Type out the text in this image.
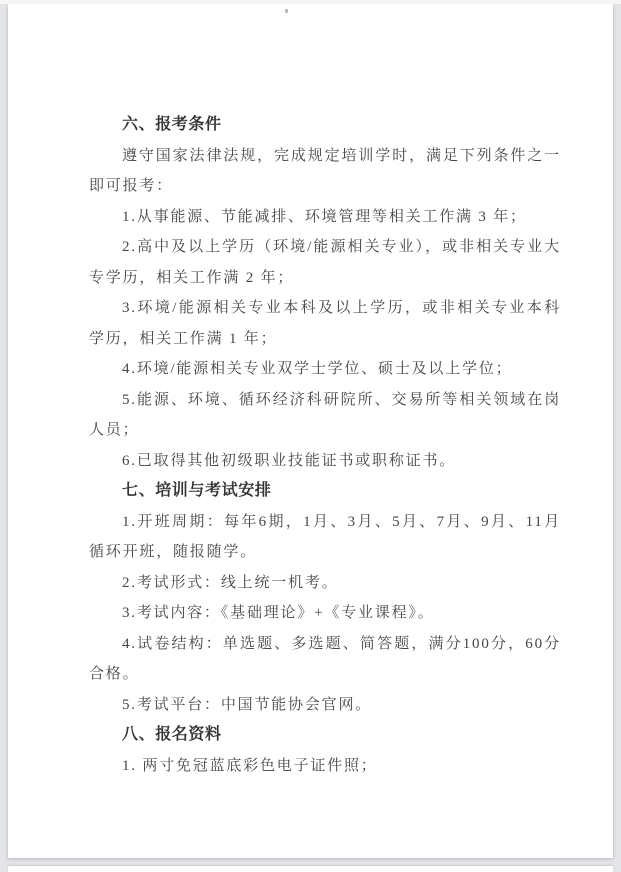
六、报考条件

遵守国家法律法规，完成规定培训学时，满足下列条件之一即可报考：

1.从事能源、节能减排、环境管理等相关工作满 3 年；

2.高中及以上学历（环境/能源相关专业），或非相关专业大专学历，相关工作满 2 年；

3.环境/能源相关专业本科及以上学历，或非相关专业本科学历，相关工作满 1 年；

4.环境/能源相关专业双学士学位、硕士及以上学位；

5.能源、环境、循环经济科研院所、交易所等相关领域在岗人员；

6.已取得其他初级职业技能证书或职称证书。

七、培训与考试安排

1.开班周期：每年6期，1月、3月、5月、7月、9月、11月循环开班，随报随学。

2.考试形式：线上统一机考。

3.考试内容：《基础理论》+《专业课程》。

4.试卷结构：单选题、多选题、简答题，满分100分，60分合格。

5.考试平台：中国节能协会官网。

八、报名资料

1. 两寸免冠蓝底彩色电子证件照；
